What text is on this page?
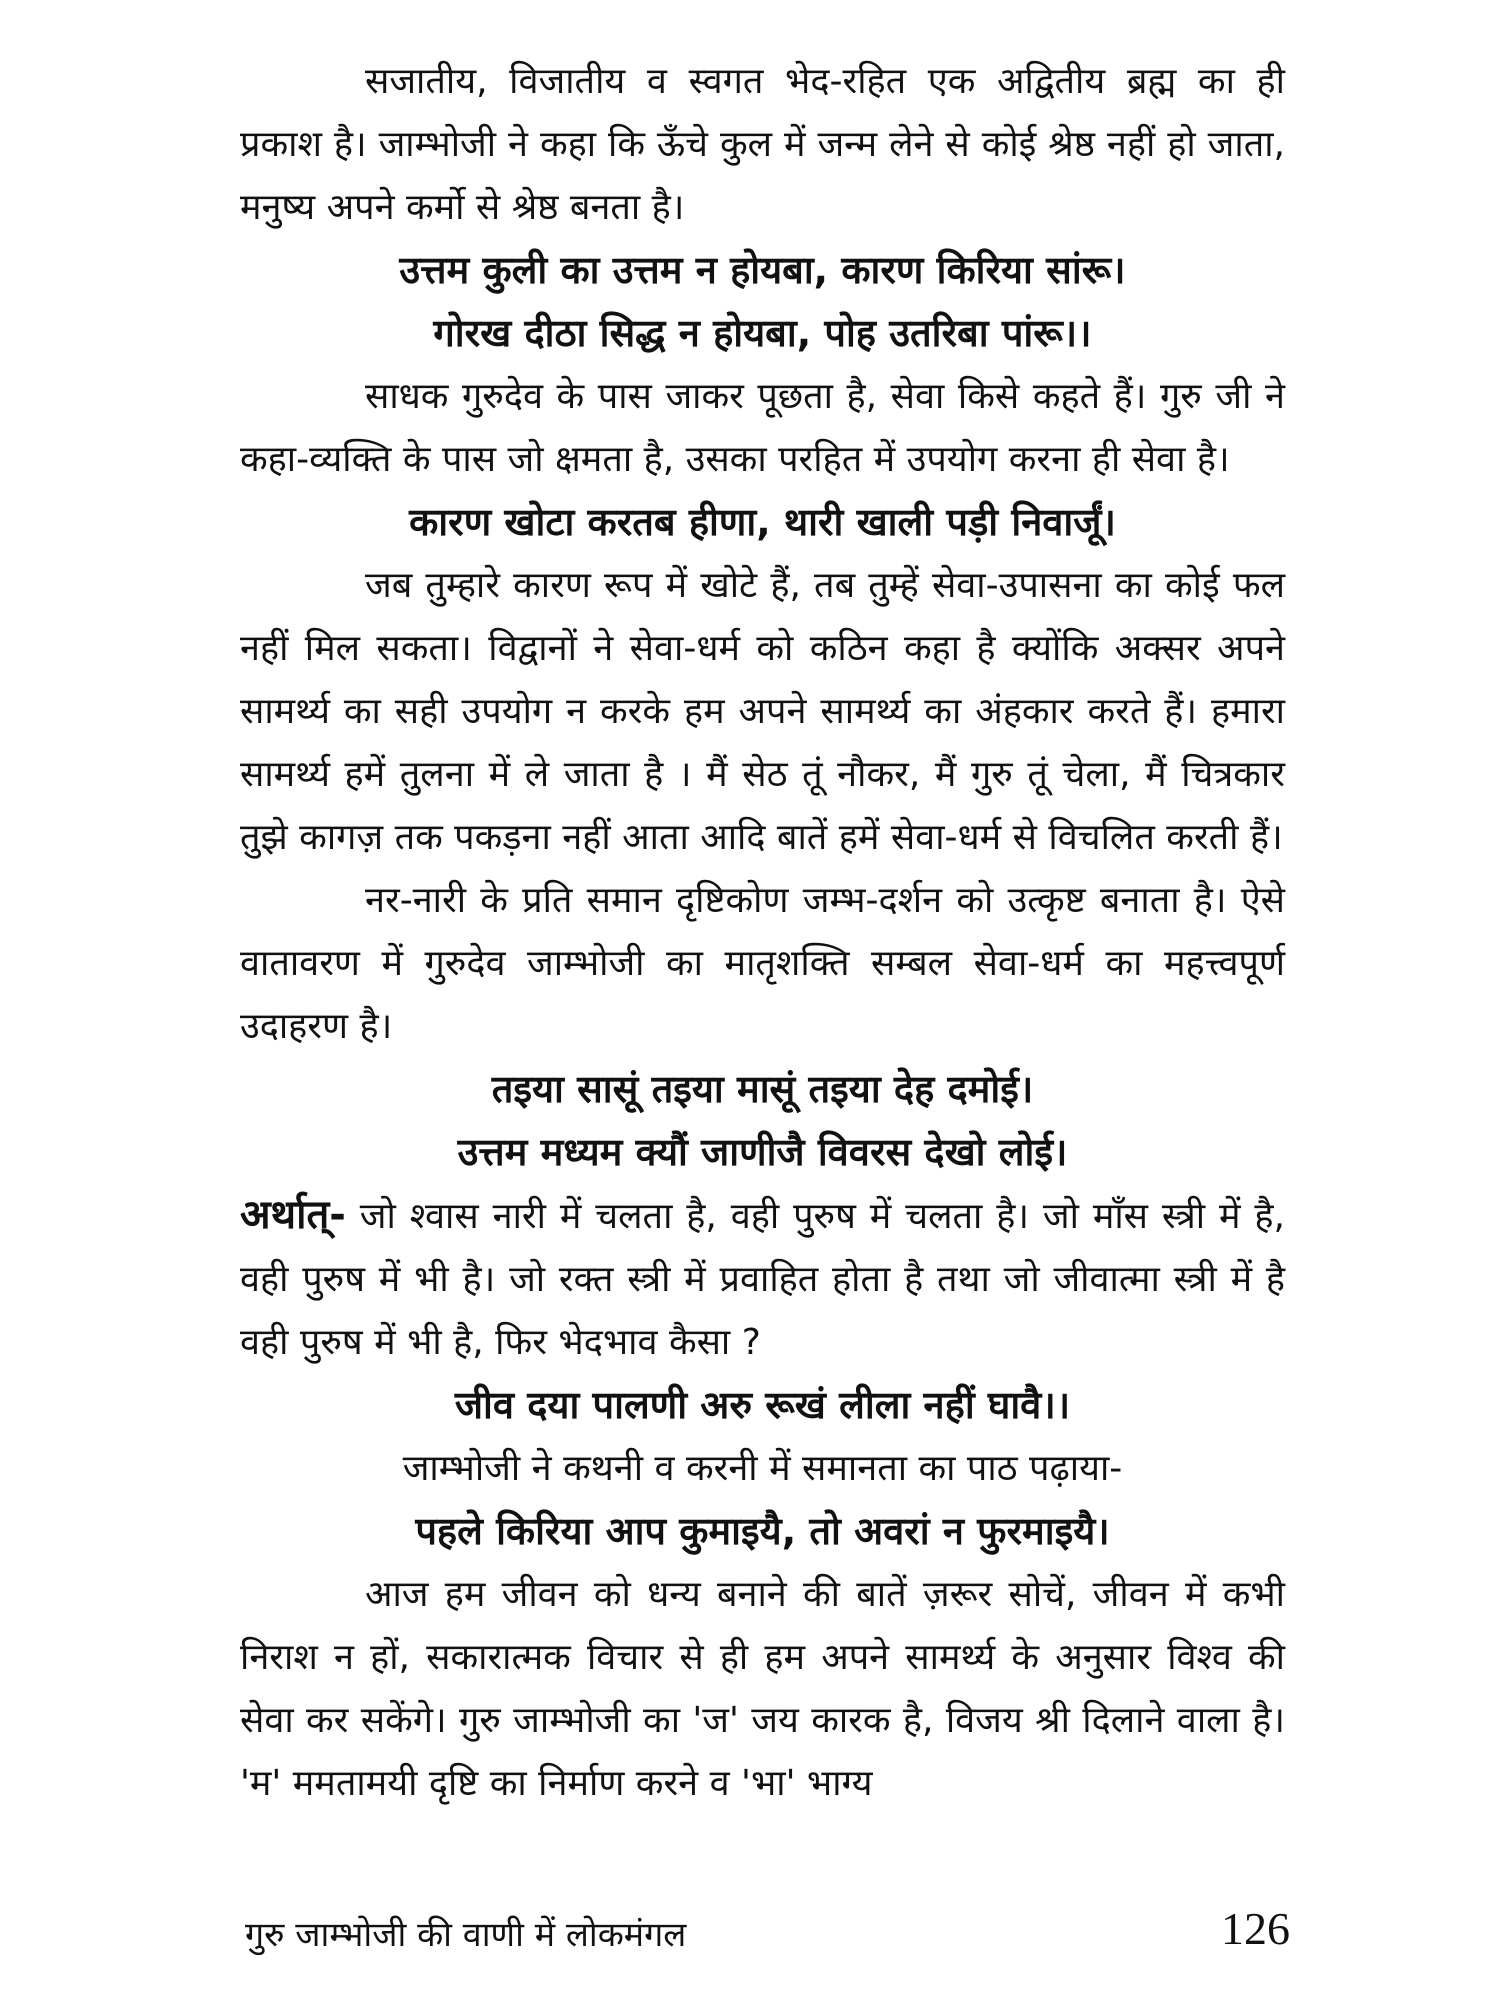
सजातीय, विजातीय व स्वगत भेद-रहित एक अद्वितीय ब्रह्म का ही प्रकाश है। जाम्भोजी ने कहा कि ऊँचे कुल में जन्म लेने से कोई श्रेष्ठ नहीं हो जाता, मनुष्य अपने कर्मो से श्रेष्ठ बनता है।

उत्तम कुली का उत्तम न होयबा, कारण किरिया सांरू।

गोरख दीठा सिद्ध न होयबा, पोह उतरिबा पांरू।।

साधक गुरुदेव के पास जाकर पूछता है, सेवा किसे कहते हैं। गुरु जी ने कहा-व्यक्ति के पास जो क्षमता है, उसका परहित में उपयोग करना ही सेवा है।

कारण खोटा करतब हीणा, थारी खाली पड़ी निवार्जूं।

जब तुम्हारे कारण रूप में खोटे हैं, तब तुम्हें सेवा-उपासना का कोई फल नहीं मिल सकता। विद्वानों ने सेवा-धर्म को कठिन कहा है क्योंकि अक्सर अपने सामर्थ्य का सही उपयोग न करके हम अपने सामर्थ्य का अंहकार करते हैं। हमारा सामर्थ्य हमें तुलना में ले जाता है । मैं सेठ तूं नौकर, मैं गुरु तूं चेला, मैं चित्रकार तुझे कागज़ तक पकड़ना नहीं आता आदि बातें हमें सेवा-धर्म से विचलित करती हैं।

नर-नारी के प्रति समान दृष्टिकोण जम्भ-दर्शन को उत्कृष्ट बनाता है। ऐसे वातावरण में गुरुदेव जाम्भोजी का मातृशक्ति सम्बल सेवा-धर्म का महत्त्वपूर्ण उदाहरण है।

तइया सासूं तइया मासूं तइया देह दमोई।

उत्तम मध्यम क्यौं जाणीजै विवरस देखो लोई।

अर्थात्- जो श्वास नारी में चलता है, वही पुरुष में चलता है। जो माँस स्त्री में है, वही पुरुष में भी है। जो रक्त स्त्री में प्रवाहित होता है तथा जो जीवात्मा स्त्री में है वही पुरुष में भी है, फिर भेदभाव कैसा ?

जीव दया पालणी अरु रूखं लीला नहीं घावै।।

जाम्भोजी ने कथनी व करनी में समानता का पाठ पढ़ाया-

पहले किरिया आप कुमाइयै, तो अवरां न फुरमाइयै।

आज हम जीवन को धन्य बनाने की बातें ज़रूर सोचें, जीवन में कभी निराश न हों, सकारात्मक विचार से ही हम अपने सामर्थ्य के अनुसार विश्व की सेवा कर सकेंगे। गुरु जाम्भोजी का 'ज' जय कारक है, विजय श्री दिलाने वाला है। 'म' ममतामयी दृष्टि का निर्माण करने व 'भा' भाग्य

गुरु जाम्भोजी की वाणी में लोकमंगल	126
